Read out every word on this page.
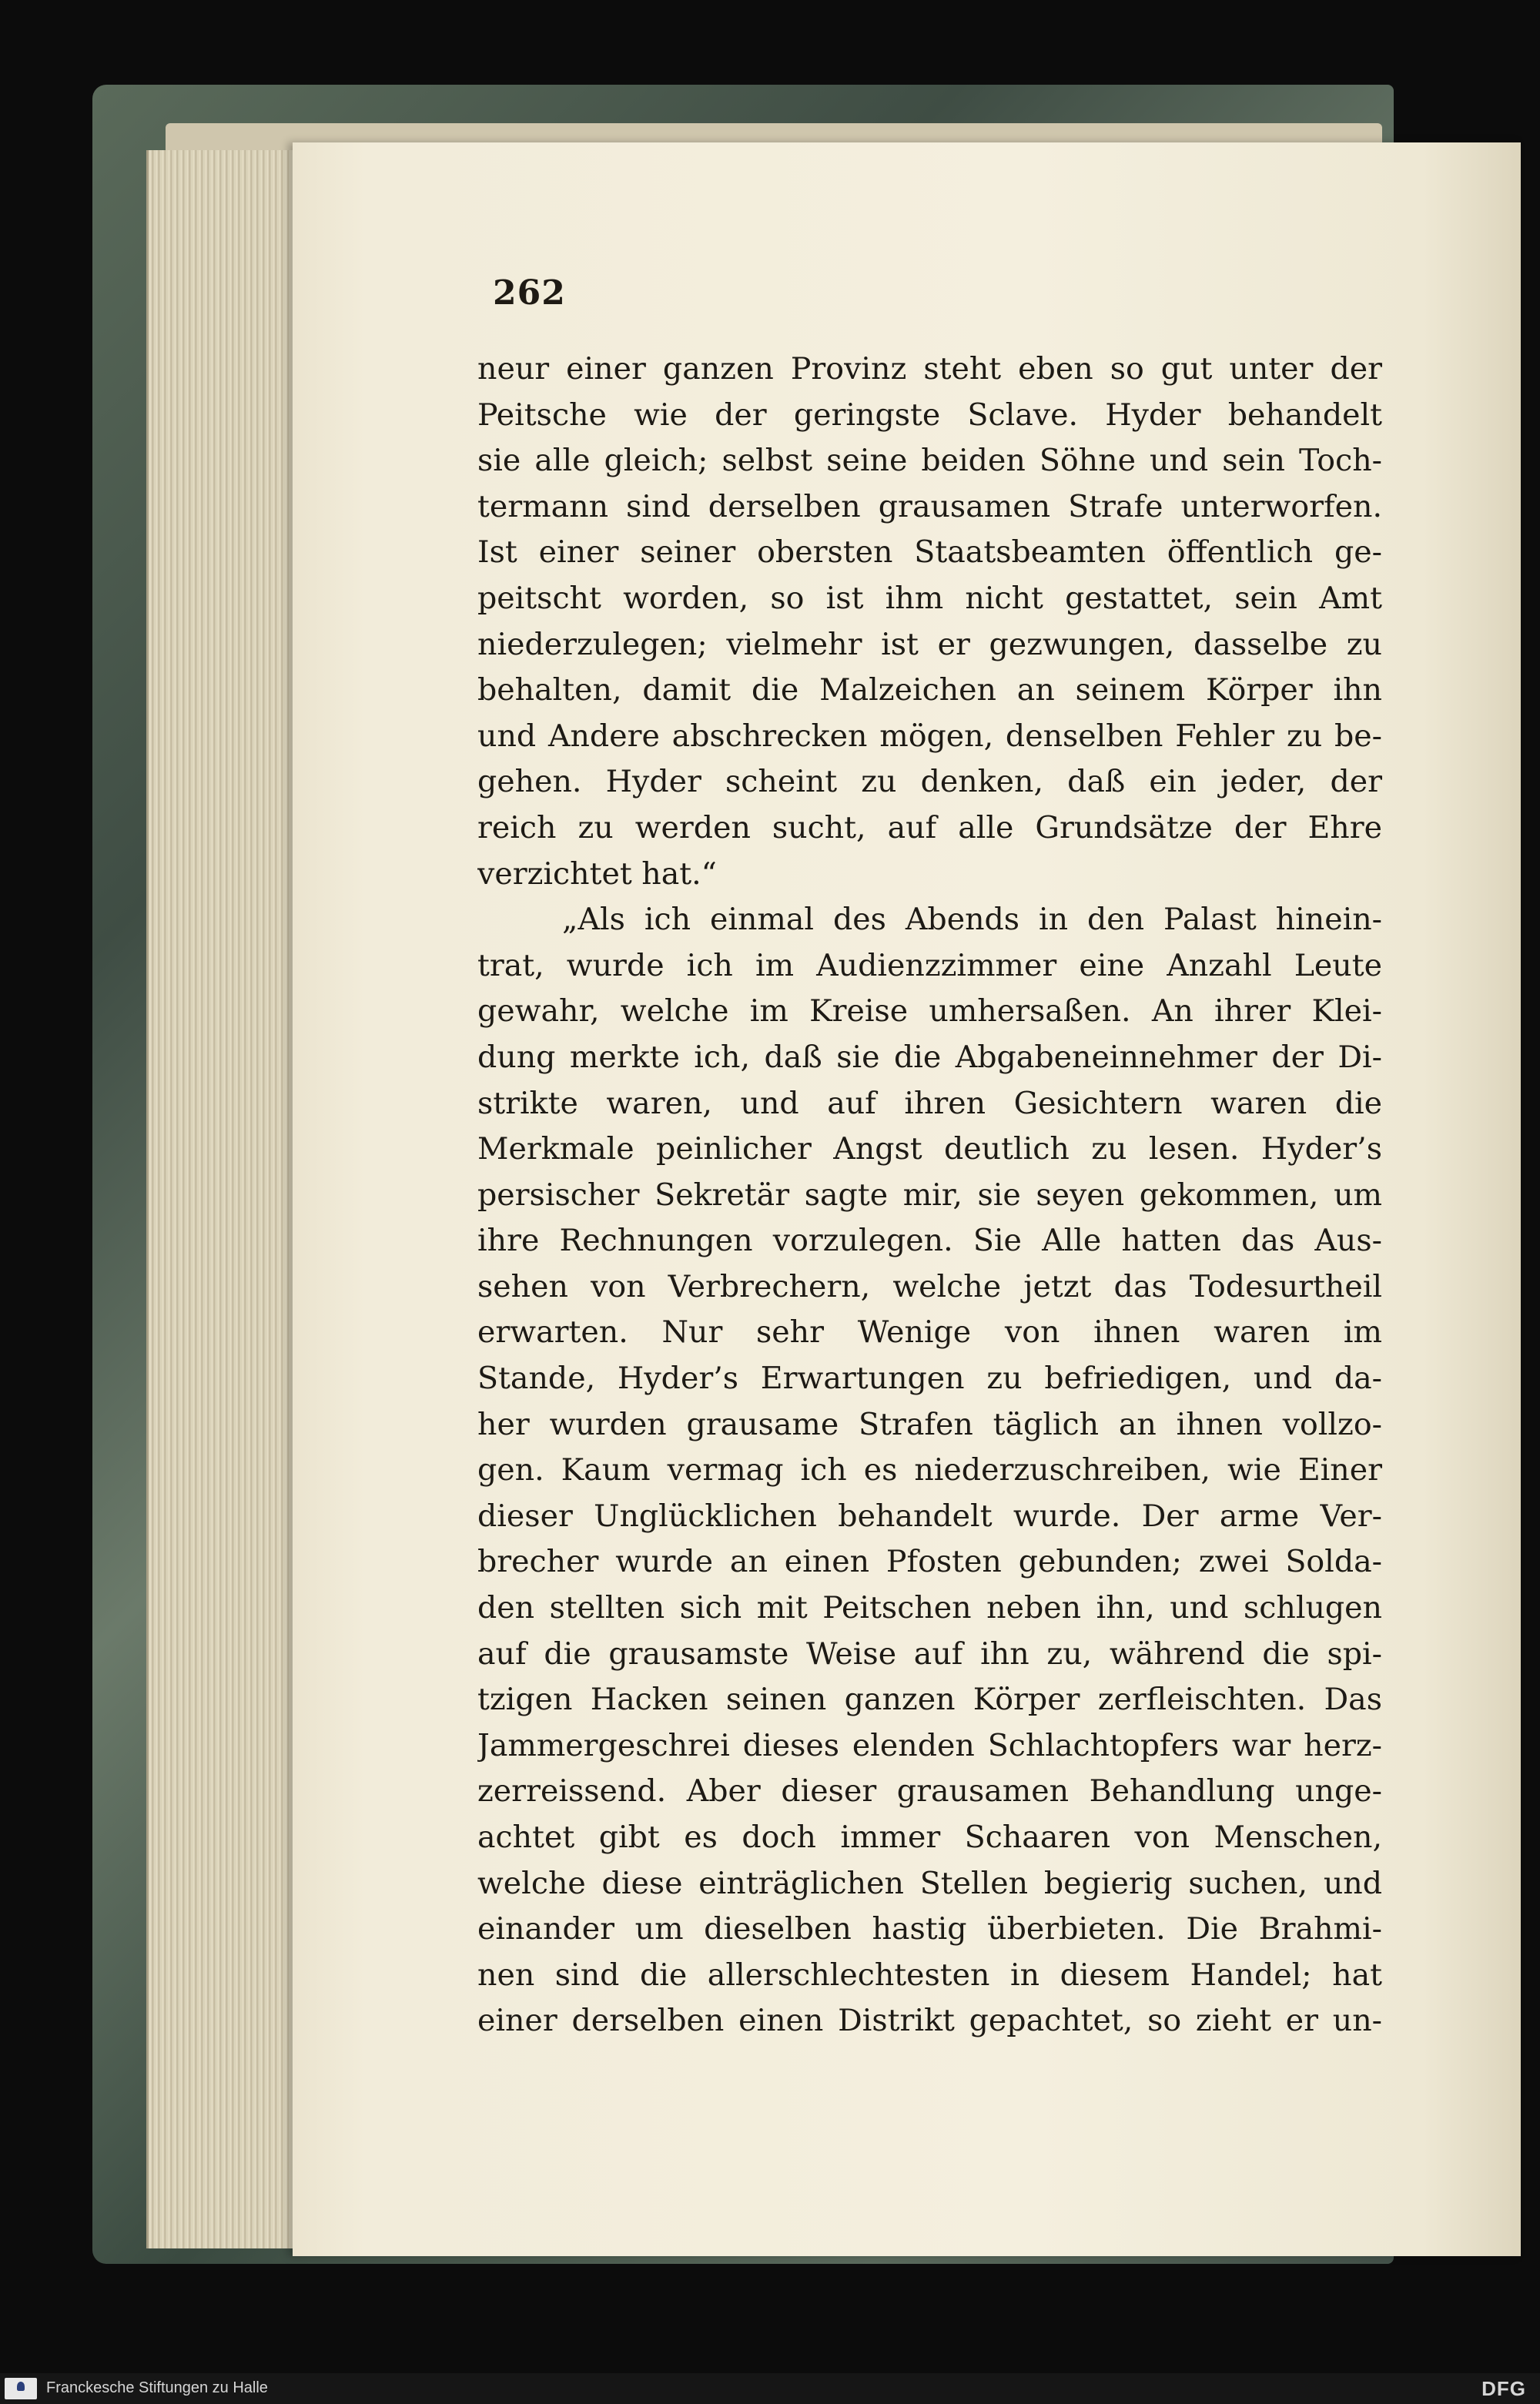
262
neur einer ganzen Provinz steht eben so gut unter der
Peitsche wie der geringste Sclave. Hyder behandelt
sie alle gleich; selbst seine beiden Söhne und sein Toch-
termann sind derselben grausamen Strafe unterworfen.
Ist einer seiner obersten Staatsbeamten öffentlich ge-
peitscht worden, so ist ihm nicht gestattet, sein Amt
niederzulegen; vielmehr ist er gezwungen, dasselbe zu
behalten, damit die Malzeichen an seinem Körper ihn
und Andere abschrecken mögen, denselben Fehler zu be-
gehen. Hyder scheint zu denken, daß ein jeder, der
reich zu werden sucht, auf alle Grundsätze der Ehre
verzichtet hat.“
„Als ich einmal des Abends in den Palast hinein-
trat, wurde ich im Audienzzimmer eine Anzahl Leute
gewahr, welche im Kreise umhersaßen. An ihrer Klei-
dung merkte ich, daß sie die Abgabeneinnehmer der Di-
strikte waren, und auf ihren Gesichtern waren die
Merkmale peinlicher Angst deutlich zu lesen. Hyder’s
persischer Sekretär sagte mir, sie seyen gekommen, um
ihre Rechnungen vorzulegen. Sie Alle hatten das Aus-
sehen von Verbrechern, welche jetzt das Todesurtheil
erwarten. Nur sehr Wenige von ihnen waren im
Stande, Hyder’s Erwartungen zu befriedigen, und da-
her wurden grausame Strafen täglich an ihnen vollzo-
gen. Kaum vermag ich es niederzuschreiben, wie Einer
dieser Unglücklichen behandelt wurde. Der arme Ver-
brecher wurde an einen Pfosten gebunden; zwei Solda-
den stellten sich mit Peitschen neben ihn, und schlugen
auf die grausamste Weise auf ihn zu, während die spi-
tzigen Hacken seinen ganzen Körper zerfleischten. Das
Jammergeschrei dieses elenden Schlachtopfers war herz-
zerreissend. Aber dieser grausamen Behandlung unge-
achtet gibt es doch immer Schaaren von Menschen,
welche diese einträglichen Stellen begierig suchen, und
einander um dieselben hastig überbieten. Die Brahmi-
nen sind die allerschlechtesten in diesem Handel; hat
einer derselben einen Distrikt gepachtet, so zieht er un-
Franckesche Stiftungen zu Halle	DFG
